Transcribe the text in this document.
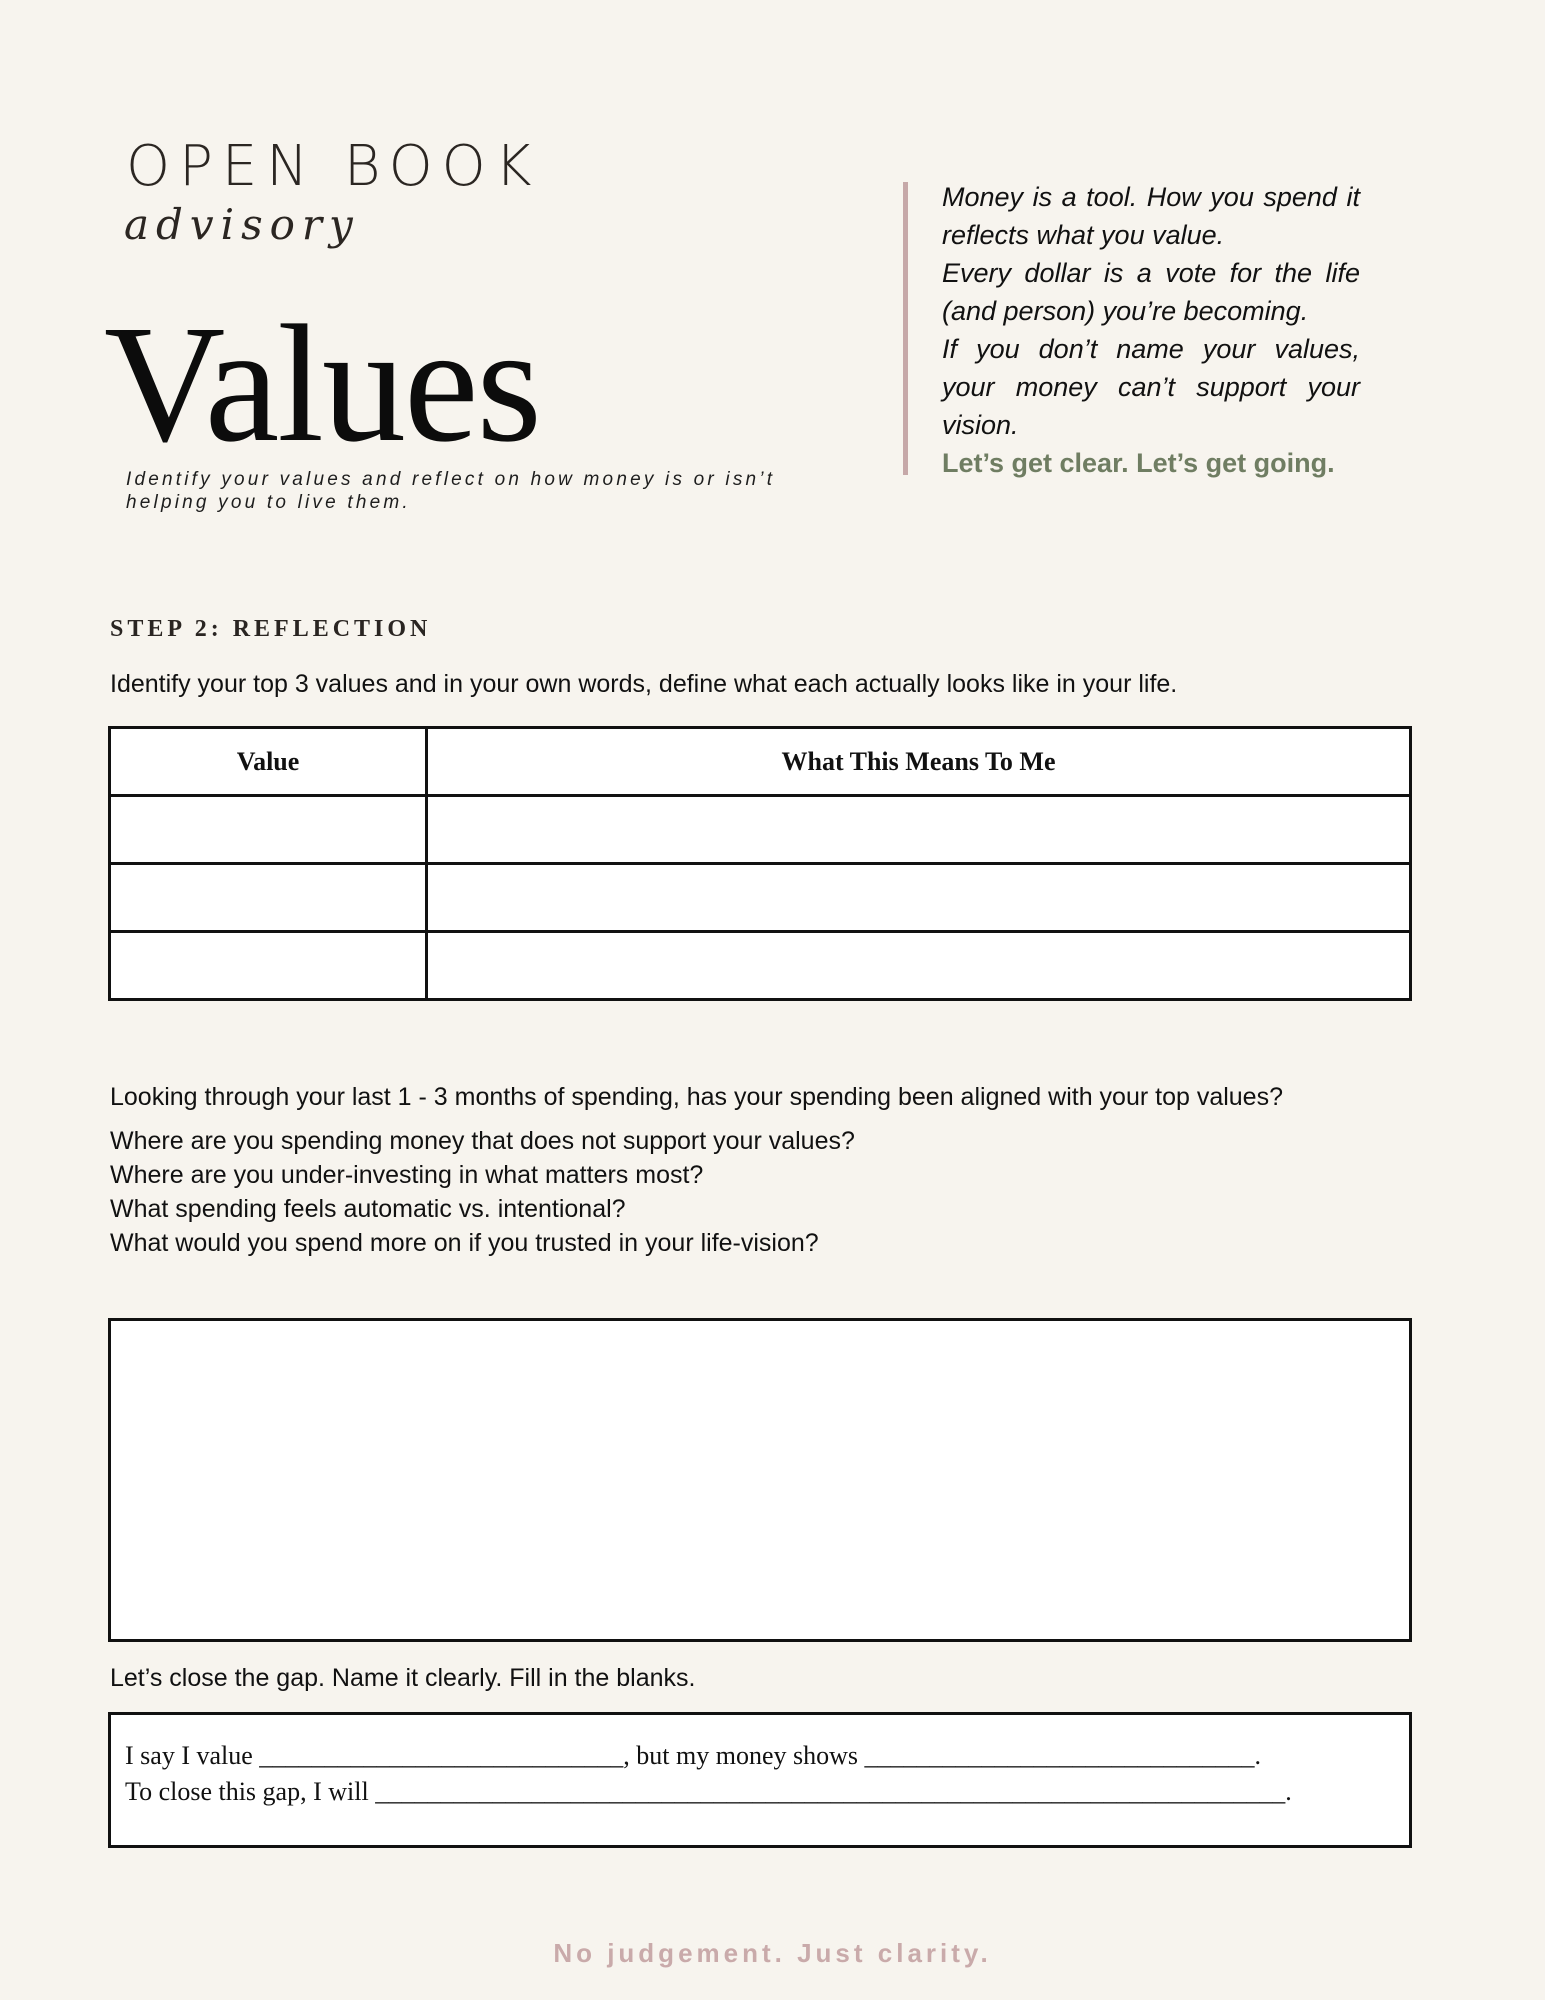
OPEN BOOK
advisory
Values
Identify your values and reflect on how money is or isn’t helping you to live them.
Money is a tool. How you spend it reflects what you value.
Every dollar is a vote for the life (and person) you’re becoming.
If you don’t name your values, your money can’t support your vision.
Let’s get clear. Let’s get going.
STEP 2: REFLECTION
Identify your top 3 values and in your own words, define what each actually looks like in your life.
Value	What This Means To Me

Looking through your last 1 - 3 months of spending, has your spending been aligned with your top values?

Where are you spending money that does not support your values?

Where are you under-investing in what matters most?

What spending feels automatic vs. intentional?

What would you spend more on if you trusted in your life-vision?

Let’s close the gap. Name it clearly. Fill in the blanks.
I say I value ____________________________, but my money shows ______________________________.
To close this gap, I will ______________________________________________________________________.
No judgement. Just clarity.
